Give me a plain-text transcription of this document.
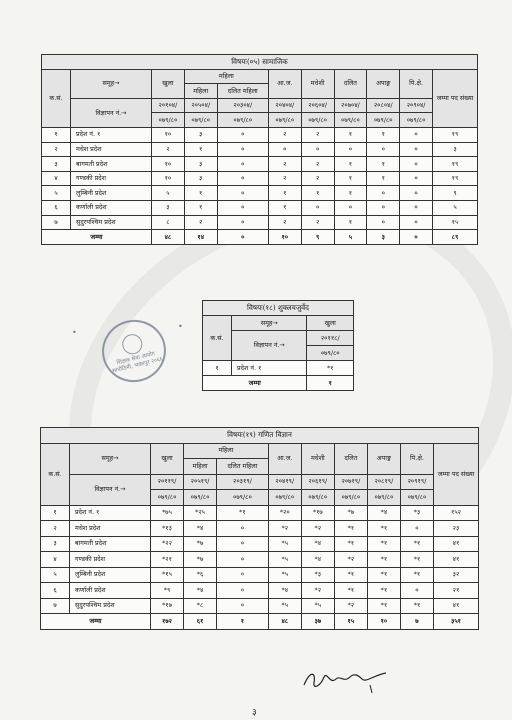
विषयः(०५) सामाजिक										
क.सं.	समूह→	खुला	महिला		आ.ज.	मधेशी	दलित	अपाङ्ग	पि.क्षे.	जम्मा पद संख्या
			महिला	दलित महिला						
	विज्ञापन नं.→	२०१०४/	२०५०४/	२०३०४/	२०४०४/	२०६०४/	२०७०४/	२०८०४/	२०९०४/	
		०७९/८०	०७९/८०	०७९/८०	०७९/८०	०७९/८०	०७९/८०	०७९/८०	०७९/८०	
१	प्रदेश नं. १	१०	३	०	२	२	१	१	०	१९
२	मधेश प्रदेश	२	१	०	०	०	०	०	०	३
३	बागमती प्रदेश	१०	३	०	२	२	१	१	०	१९
४	गण्डकी प्रदेश	१०	३	०	२	२	१	१	०	१९
५	लुम्बिनी प्रदेश	५	१	०	१	१	१	०	०	९
६	कर्णाली प्रदेश	३	१	०	१	०	०	०	०	५
७	सुदुरपश्चिम प्रदेश	८	२	०	२	२	१	०	०	१५
जम्मा		४८	१४	०	१०	९	५	३	०	८९
शिक्षक सेवा आयोग सानोठिमी, भक्तपुर २०६६
•
•
विषयः(१८) शुक्लयजुर्वेद		
क.सं.	समूह→	खुला
	विज्ञापन नं.→	२०११८/
		०७९/८०
१	प्रदेश नं. १	*१
जम्मा		१
विषयः(१९) गणित विज्ञान										
क.सं.	समूह→	खुला	महिला		आ.ज.	मधेशी	दलित	अपाङ्ग	पि.क्षे.	जम्मा पद संख्या
			महिला	दलित महिला						
	विज्ञापन नं.→	२०११९/	२०५१९/	२०३१९/	२०४१९/	२०६१९/	२०७१९/	२०८१९/	२०९१९/	
		०७९/८०	०७९/८०	०७९/८०	०७९/८०	०७९/८०	०७९/८०	०७९/८०	०७९/८०	
१	प्रदेश नं. १	*७५	*२५	*१	*२०	*१७	*७	*४	*३	१५२
२	मधेश प्रदेश	*१३	*४	०	*२	*२	*१	*१	०	२३
३	बागमती प्रदेश	*२२	*७	०	*५	*४	*१	*१	*१	४१
४	गण्डकी प्रदेश	*२१	*७	०	*५	*४	*२	*१	*१	४१
५	लुम्बिनी प्रदेश	*१५	*६	०	*५	*३	*१	*१	*१	३२
६	कर्णाली प्रदेश	*९	*४	०	*४	*२	*१	*१	०	२१
७	सुदुरपश्चिम प्रदेश	*१७	*८	०	*५	*५	*२	*१	*१	४१
जम्मा		१७२	६१	१	४८	३७	१५	१०	७	३५१
३
